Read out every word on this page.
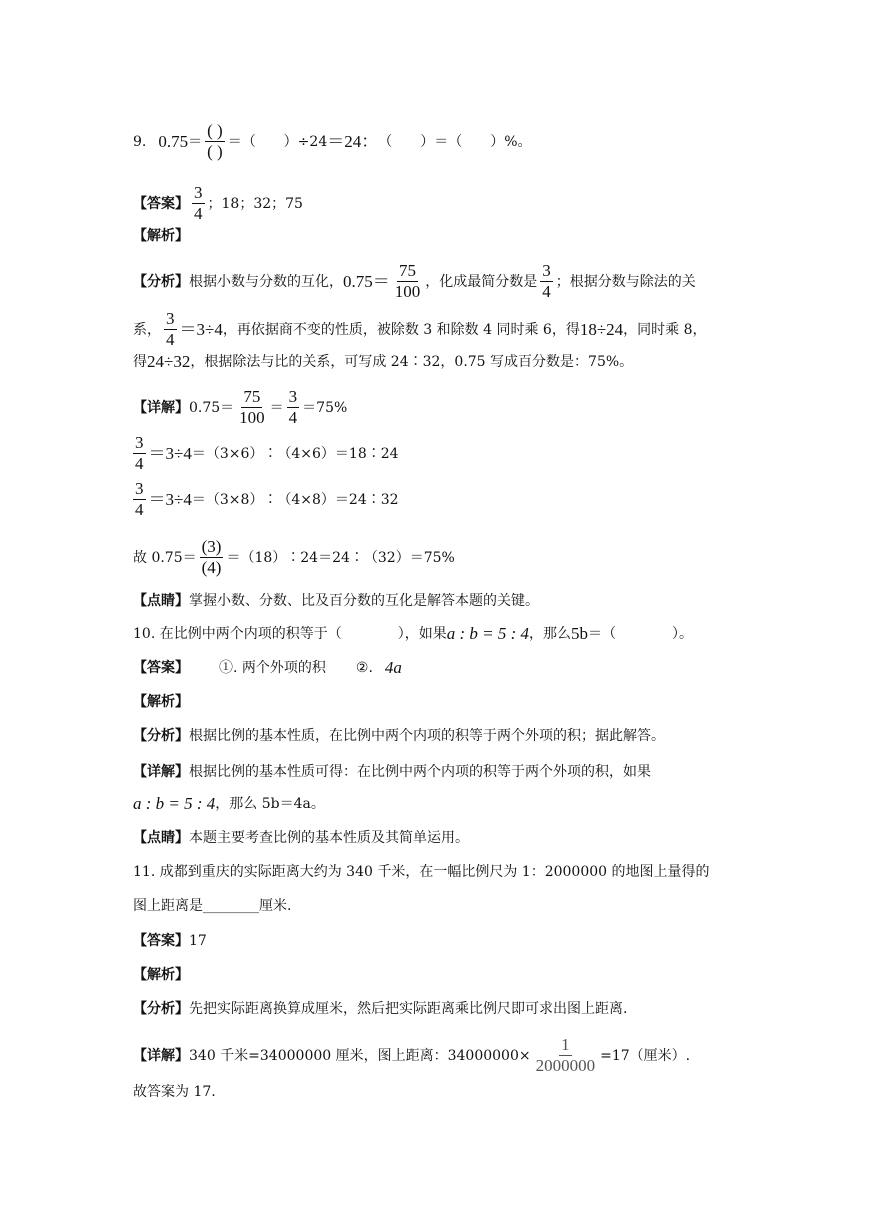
9. $0.75 = \frac{( )}{( )}$ ＝ （　　）÷24 ＝24： （　　）＝（　　）%。
【答案】 $\frac{3}{4}$ ；18；32；75
【解析】
【分析】 根据小数与分数的互化， $0.75 = \frac{75}{100}$ ，化成最简分数是 $\frac{3}{4}$ ；根据分数与除法的关
系， $\frac{3}{4} =3\div 4$ ，再依据商不变的性质，被除数 3 和除数 4 同时乘 6，得 18÷24 ，同时乘 8，
得 24÷32 ，根据除法与比的关系，可写成 24∶32，0.75 写成百分数是：75%。
【详解】 $0.75= \frac{75}{100} = \frac{3}{4} =75\%$
$\frac{3}{4} =3\div 4$ ＝（3×6）∶（4×6）＝18∶24
$\frac{3}{4} =3\div 4$ ＝（3×8）∶（4×8）＝24∶32
故 $0.75= \frac{(3)}{(4)}$ ＝（18）∶24＝24∶（32）＝75%
【点睛】 掌握小数、分数、比及百分数的互化是解答本题的关键。
10. 在比例中两个内项的积等于（　　　　），如果 a : b = 5 : 4 ，那么 5b ＝（　　　　）。
【答案】 ①. 两个外项的积 ②. 4a
【解析】
【分析】 根据比例的基本性质，在比例中两个内项的积等于两个外项的积；据此解答。
【详解】 根据比例的基本性质可得：在比例中两个内项的积等于两个外项的积，如果
a : b = 5 : 4 ，那么 5b＝4a。
【点睛】 本题主要考查比例的基本性质及其简单运用。
11. 成都到重庆的实际距离大约为 340 千米，在一幅比例尺为 1：2000000 的地图上量得的
图上距离是________厘米.
【答案】 17
【解析】
【分析】 先把实际距离换算成厘米，然后把实际距离乘比例尺即可求出图上距离.
【详解】 340 千米=34000000 厘米，图上距离：$34000000\times \frac{1}{2000000} =17$（厘米）.
故答案为 17.
